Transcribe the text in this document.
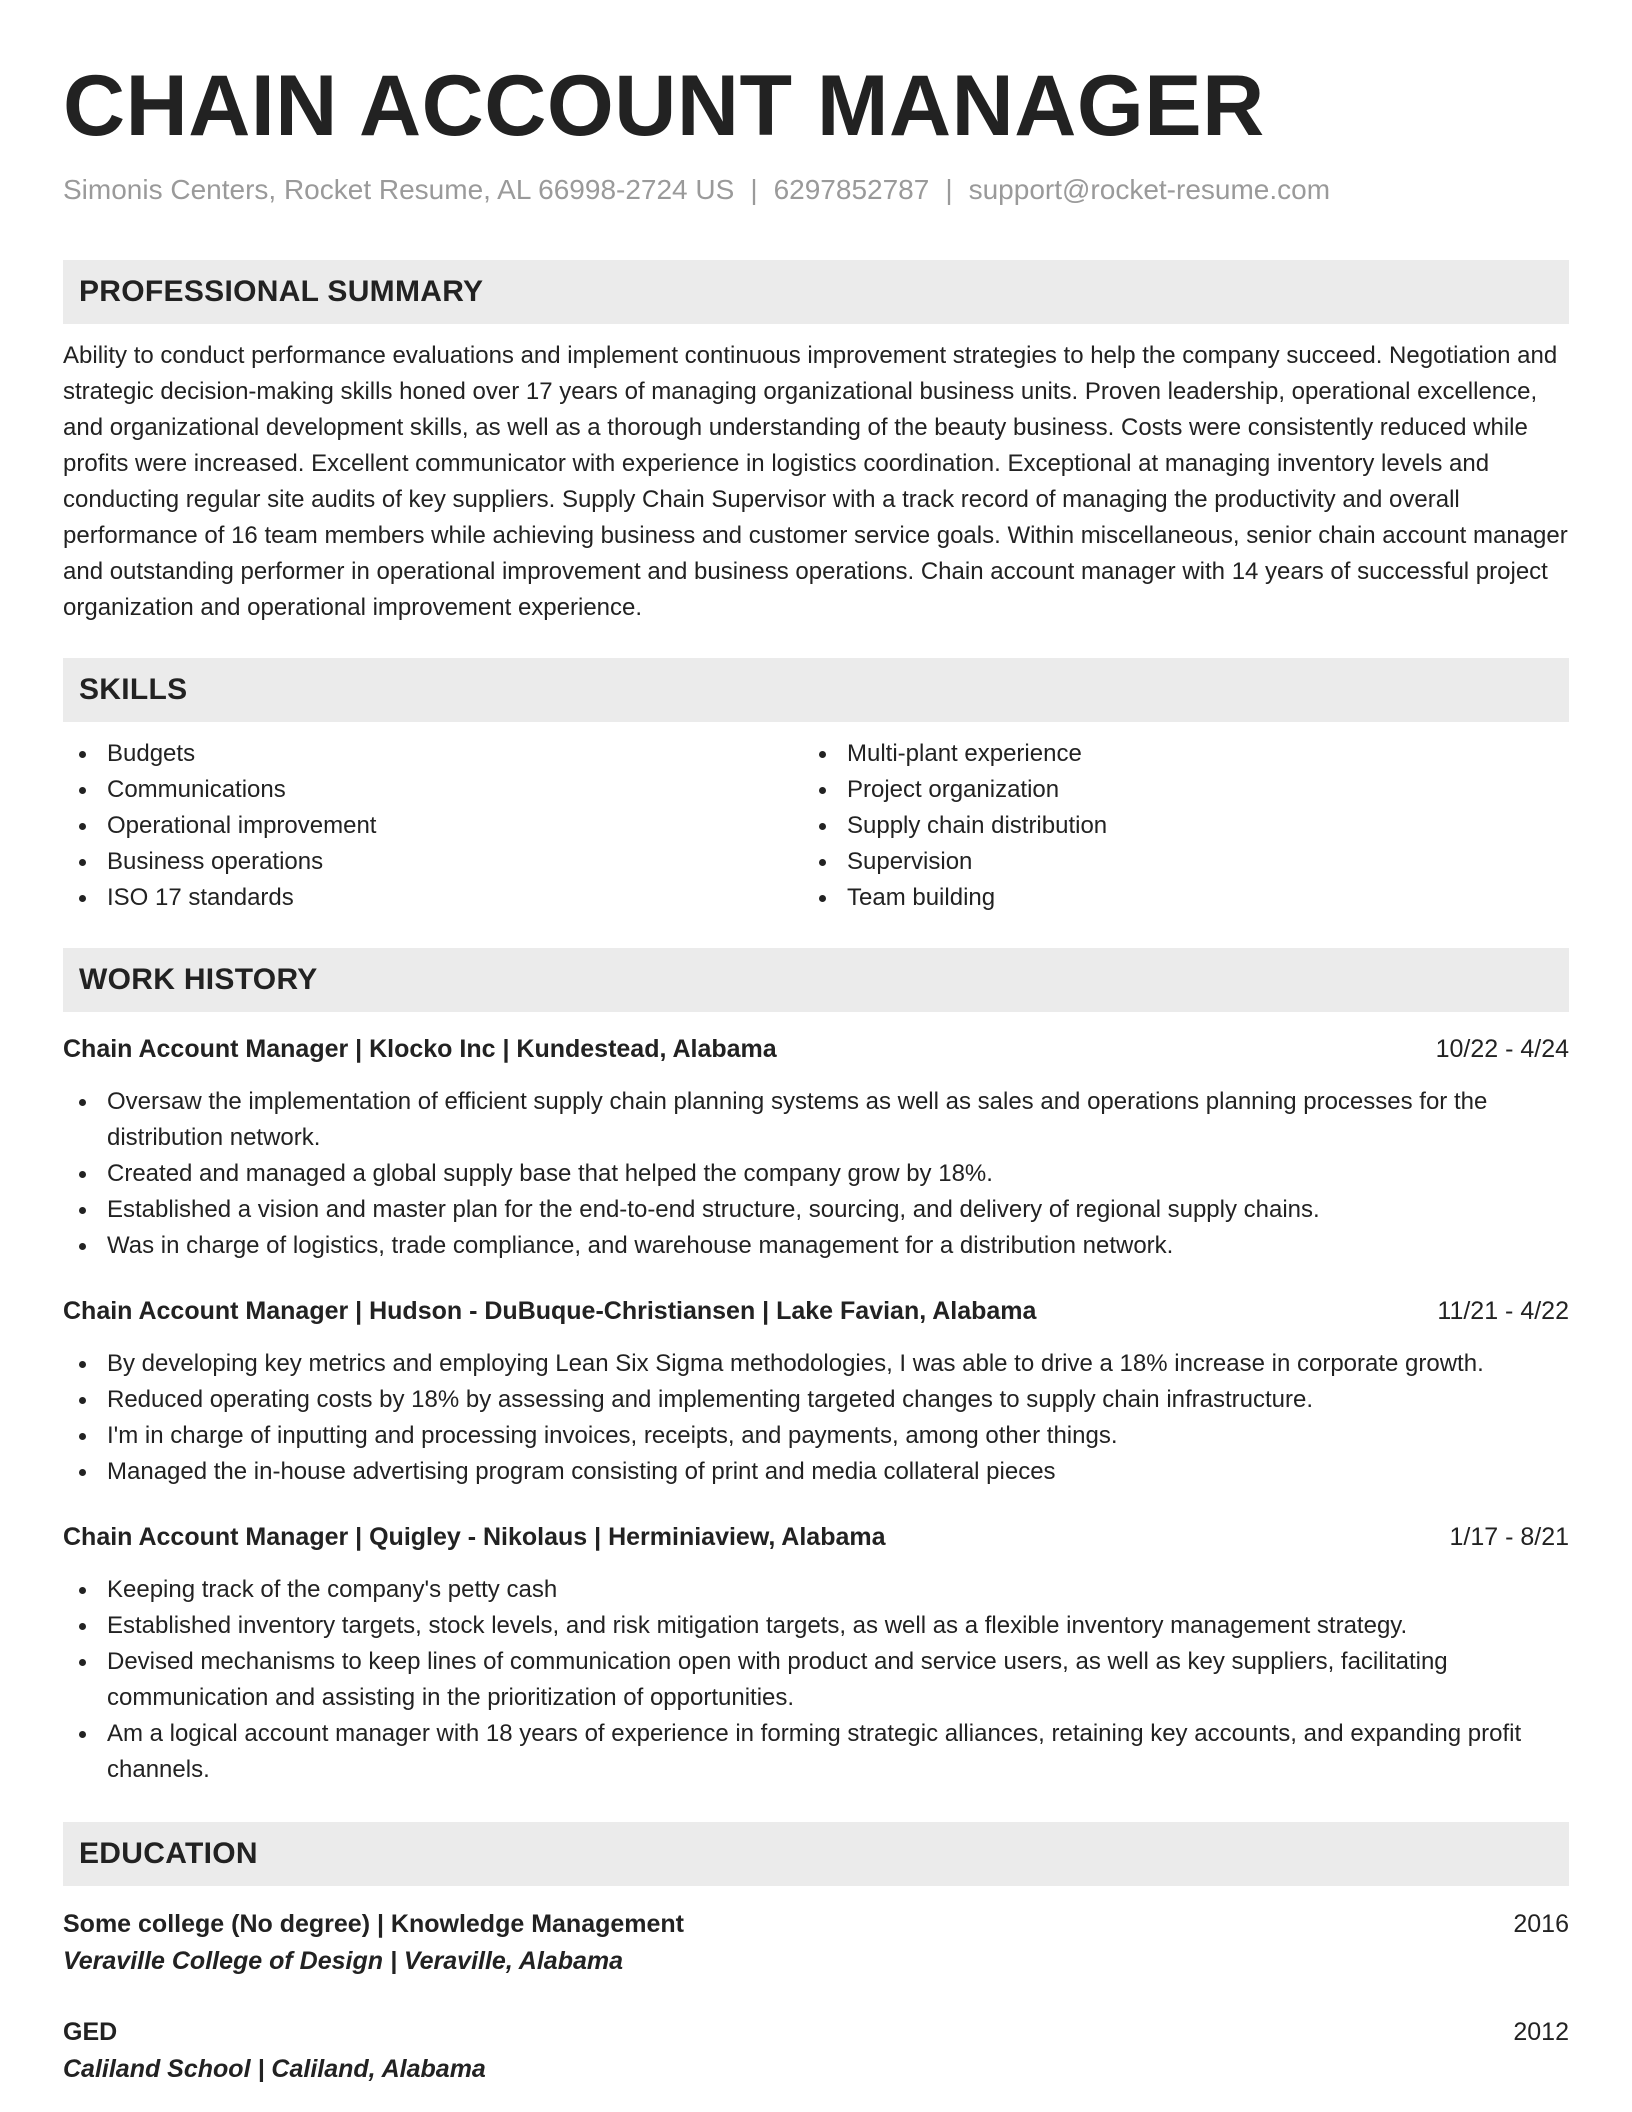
CHAIN ACCOUNT MANAGER
Simonis Centers, Rocket Resume, AL 66998-2724 US | 6297852787 | support@rocket-resume.com
PROFESSIONAL SUMMARY

Ability to conduct performance evaluations and implement continuous improvement strategies to help the company succeed. Negotiation and strategic decision-making skills honed over 17 years of managing organizational business units. Proven leadership, operational excellence, and organizational development skills, as well as a thorough understanding of the beauty business. Costs were consistently reduced while profits were increased. Excellent communicator with experience in logistics coordination. Exceptional at managing inventory levels and conducting regular site audits of key suppliers. Supply Chain Supervisor with a track record of managing the productivity and overall performance of 16 team members while achieving business and customer service goals. Within miscellaneous, senior chain account manager and outstanding performer in operational improvement and business operations. Chain account manager with 14 years of successful project organization and operational improvement experience.

SKILLS
Budgets
Communications
Operational improvement
Business operations
ISO 17 standards
Multi-plant experience
Project organization
Supply chain distribution
Supervision
Team building
WORK HISTORY
Chain Account Manager | Klocko Inc | Kundestead, Alabama	10/22 - 4/24
Oversaw the implementation of efficient supply chain planning systems as well as sales and operations planning processes for the distribution network.
Created and managed a global supply base that helped the company grow by 18%.
Established a vision and master plan for the end-to-end structure, sourcing, and delivery of regional supply chains.
Was in charge of logistics, trade compliance, and warehouse management for a distribution network.
Chain Account Manager | Hudson - DuBuque-Christiansen | Lake Favian, Alabama	11/21 - 4/22
By developing key metrics and employing Lean Six Sigma methodologies, I was able to drive a 18% increase in corporate growth.
Reduced operating costs by 18% by assessing and implementing targeted changes to supply chain infrastructure.
I'm in charge of inputting and processing invoices, receipts, and payments, among other things.
Managed the in-house advertising program consisting of print and media collateral pieces
Chain Account Manager | Quigley - Nikolaus | Herminiaview, Alabama	1/17 - 8/21
Keeping track of the company's petty cash
Established inventory targets, stock levels, and risk mitigation targets, as well as a flexible inventory management strategy.
Devised mechanisms to keep lines of communication open with product and service users, as well as key suppliers, facilitating communication and assisting in the prioritization of opportunities.
Am a logical account manager with 18 years of experience in forming strategic alliances, retaining key accounts, and expanding profit channels.
EDUCATION
Some college (No degree) | Knowledge Management	2016
Veraville College of Design | Veraville, Alabama
GED	2012
Caliland School | Caliland, Alabama
